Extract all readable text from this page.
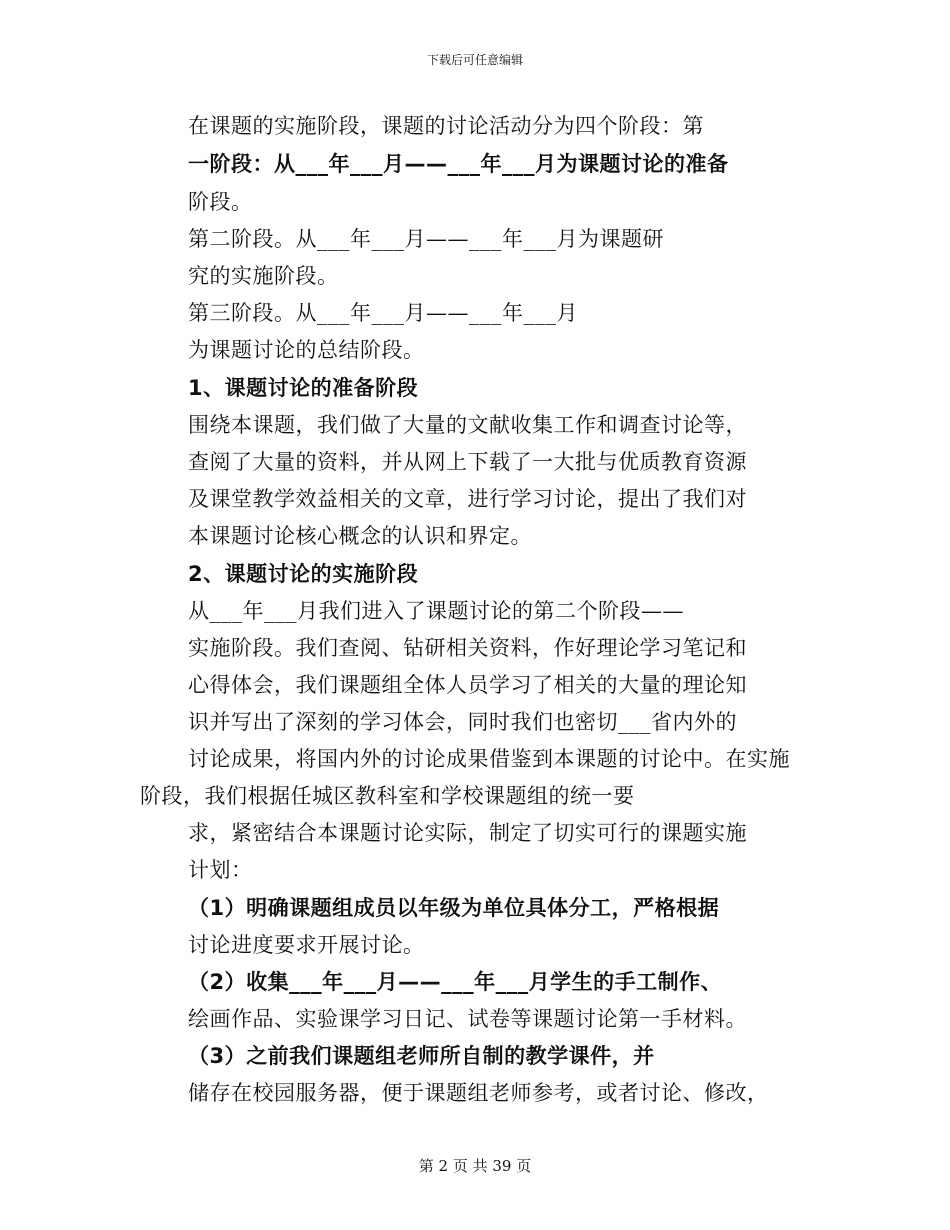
下载后可任意编辑
在课题的实施阶段，课题的讨论活动分为四个阶段：第
一阶段：从___年___月——___年___月为课题讨论的准备
阶段。
第二阶段。从___年___月——___年___月为课题研
究的实施阶段。
第三阶段。从___年___月——___年___月
为课题讨论的总结阶段。
1、课题讨论的准备阶段
围绕本课题，我们做了大量的文献收集工作和调查讨论等，
查阅了大量的资料，并从网上下载了一大批与优质教育资源
及课堂教学效益相关的文章，进行学习讨论，提出了我们对
本课题讨论核心概念的认识和界定。
2、课题讨论的实施阶段
从___年___月我们进入了课题讨论的第二个阶段——
实施阶段。我们查阅、钻研相关资料，作好理论学习笔记和
心得体会，我们课题组全体人员学习了相关的大量的理论知
识并写出了深刻的学习体会，同时我们也密切___省内外的
讨论成果，将国内外的讨论成果借鉴到本课题的讨论中。在实施
阶段，我们根据任城区教科室和学校课题组的统一要
求，紧密结合本课题讨论实际，制定了切实可行的课题实施
计划：
（1）明确课题组成员以年级为单位具体分工，严格根据
讨论进度要求开展讨论。
（2）收集___年___月——___年___月学生的手工制作、
绘画作品、实验课学习日记、试卷等课题讨论第一手材料。
（3）之前我们课题组老师所自制的教学课件，并
储存在校园服务器，便于课题组老师参考，或者讨论、修改，
第 2 页 共 39 页
